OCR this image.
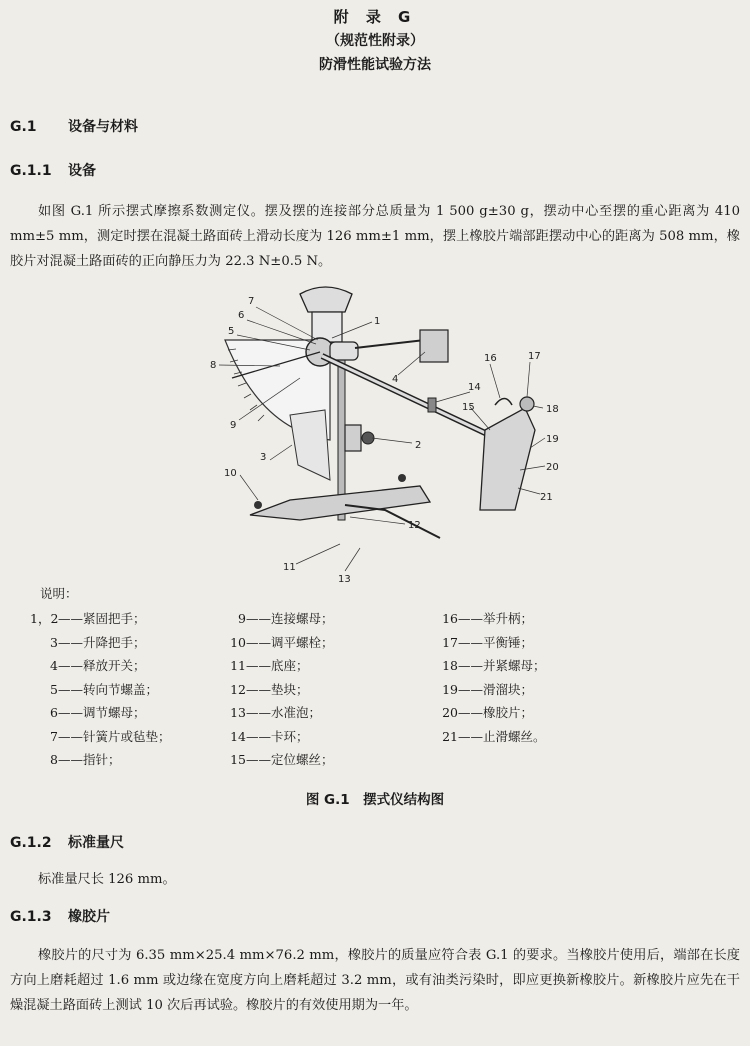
附 录 G
（规范性附录）
防滑性能试验方法
G.1 设备与材料
G.1.1 设备
如图 G.1 所示摆式摩擦系数测定仪。摆及摆的连接部分总质量为 1 500 g±30 g，摆动中心至摆的重心距离为 410 mm±5 mm，测定时摆在混凝土路面砖上滑动长度为 126 mm±1 mm，摆上橡胶片端部距摆动中心的距离为 508 mm，橡胶片对混凝土路面砖的正向静压力为 22.3 N±0.5 N。
1
2
3
4
5
6
7
8
9
10
11
12
13
14
15
16	17
18
19
20
21
说明：
1，2——紧固把手；
3——升降把手；
4——释放开关；
5——转向节螺盖；
6——调节螺母；
7——针簧片或毡垫；
8——指针；
9——连接螺母；
10——调平螺栓；
11——底座；
12——垫块；
13——水准泡；
14——卡环；
15——定位螺丝；
16——举升柄；
17——平衡锤；
18——并紧螺母；
19——滑溜块；
20——橡胶片；
21——止滑螺丝。
图 G.1　摆式仪结构图
G.1.2 标准量尺
标准量尺长 126 mm。
G.1.3 橡胶片
橡胶片的尺寸为 6.35 mm×25.4 mm×76.2 mm，橡胶片的质量应符合表 G.1 的要求。当橡胶片使用后，端部在长度方向上磨耗超过 1.6 mm 或边缘在宽度方向上磨耗超过 3.2 mm，或有油类污染时，即应更换新橡胶片。新橡胶片应先在干燥混凝土路面砖上测试 10 次后再试验。橡胶片的有效使用期为一年。
